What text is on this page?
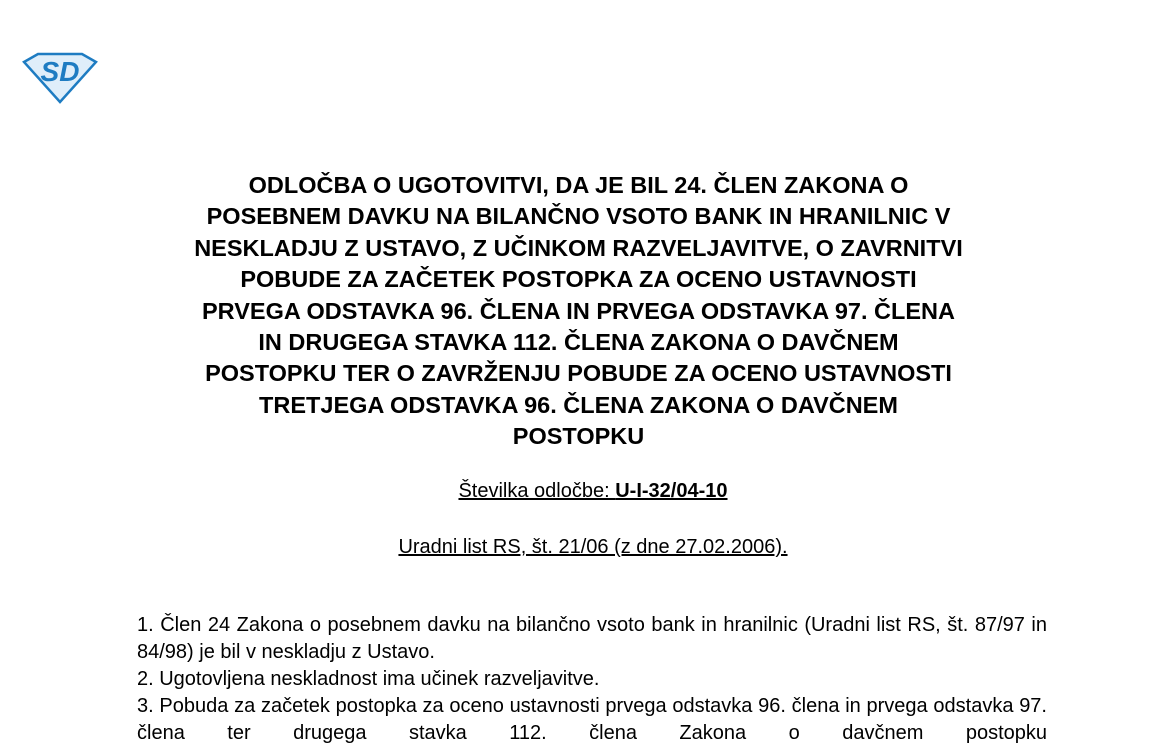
SD
ODLOČBA O UGOTOVITVI, DA JE BIL 24. ČLEN ZAKONA O
POSEBNEM DAVKU NA BILANČNO VSOTO BANK IN HRANILNIC V
NESKLADJU Z USTAVO, Z UČINKOM RAZVELJAVITVE, O ZAVRNITVI
POBUDE ZA ZAČETEK POSTOPKA ZA OCENO USTAVNOSTI
PRVEGA ODSTAVKA 96. ČLENA IN PRVEGA ODSTAVKA 97. ČLENA
IN DRUGEGA STAVKA 112. ČLENA ZAKONA O DAVČNEM
POSTOPKU TER O ZAVRŽENJU POBUDE ZA OCENO USTAVNOSTI
TRETJEGA ODSTAVKA 96. ČLENA ZAKONA O DAVČNEM
POSTOPKU
Številka odločbe: U-I-32/04-10
Uradni list RS, št. 21/06 (z dne 27.02.2006).

1. Člen 24 Zakona o posebnem davku na bilančno vsoto bank in hranilnic (Uradni list RS, št. 87/97 in 84/98) je bil v neskladju z Ustavo.

2. Ugotovljena neskladnost ima učinek razveljavitve.

3. Pobuda za začetek postopka za oceno ustavnosti prvega odstavka 96. člena in prvega odstavka 97. člena ter drugega stavka 112. člena Zakona o davčnem postopku
